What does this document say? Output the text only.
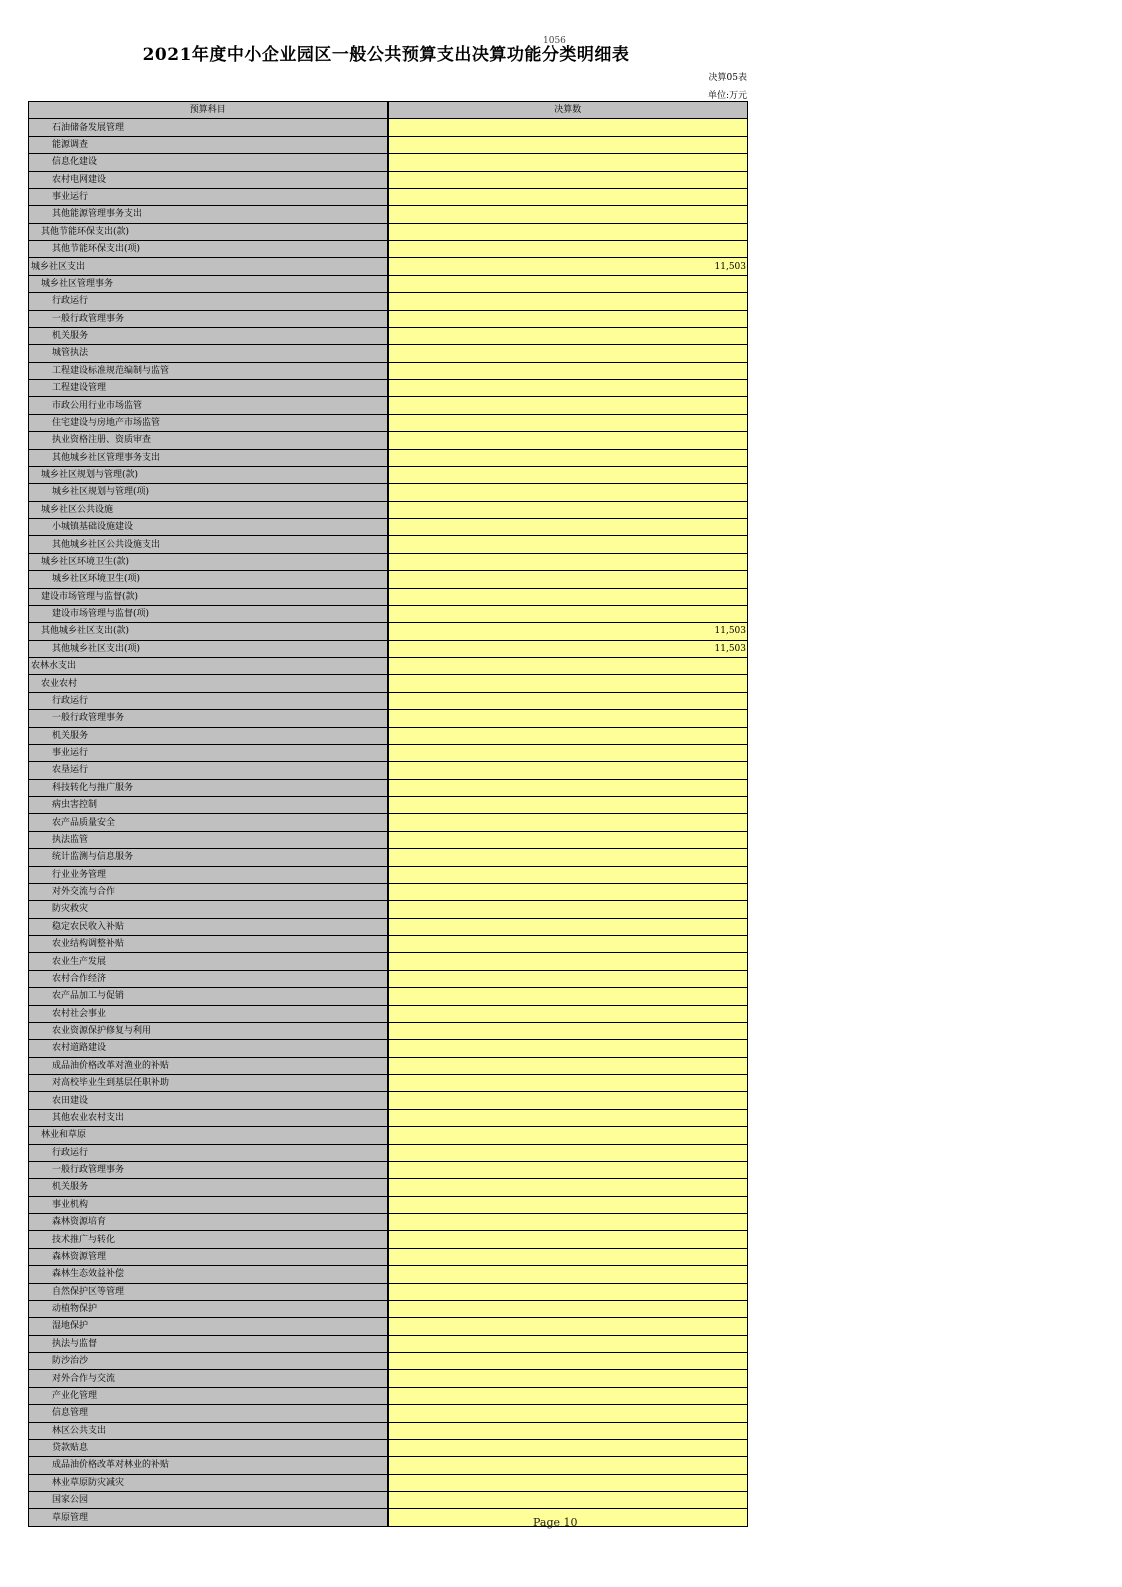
2021年度中小企业园区一般公共预算支出决算功能分类明细表
1056
决算05表
单位:万元
预算科目	决算数
石油储备发展管理	
能源调查	
信息化建设	
农村电网建设	
事业运行	
其他能源管理事务支出	
其他节能环保支出(款)	
其他节能环保支出(项)	
城乡社区支出	11,503
城乡社区管理事务	
行政运行	
一般行政管理事务	
机关服务	
城管执法	
工程建设标准规范编制与监管	
工程建设管理	
市政公用行业市场监管	
住宅建设与房地产市场监管	
执业资格注册、资质审查	
其他城乡社区管理事务支出	
城乡社区规划与管理(款)	
城乡社区规划与管理(项)	
城乡社区公共设施	
小城镇基础设施建设	
其他城乡社区公共设施支出	
城乡社区环境卫生(款)	
城乡社区环境卫生(项)	
建设市场管理与监督(款)	
建设市场管理与监督(项)	
其他城乡社区支出(款)	11,503
其他城乡社区支出(项)	11,503
农林水支出	
农业农村	
行政运行	
一般行政管理事务	
机关服务	
事业运行	
农垦运行	
科技转化与推广服务	
病虫害控制	
农产品质量安全	
执法监管	
统计监测与信息服务	
行业业务管理	
对外交流与合作	
防灾救灾	
稳定农民收入补贴	
农业结构调整补贴	
农业生产发展	
农村合作经济	
农产品加工与促销	
农村社会事业	
农业资源保护修复与利用	
农村道路建设	
成品油价格改革对渔业的补贴	
对高校毕业生到基层任职补助	
农田建设	
其他农业农村支出	
林业和草原	
行政运行	
一般行政管理事务	
机关服务	
事业机构	
森林资源培育	
技术推广与转化	
森林资源管理	
森林生态效益补偿	
自然保护区等管理	
动植物保护	
湿地保护	
执法与监督	
防沙治沙	
对外合作与交流	
产业化管理	
信息管理	
林区公共支出	
贷款贴息	
成品油价格改革对林业的补贴	
林业草原防灾减灾	
国家公园	
草原管理		Page 10
